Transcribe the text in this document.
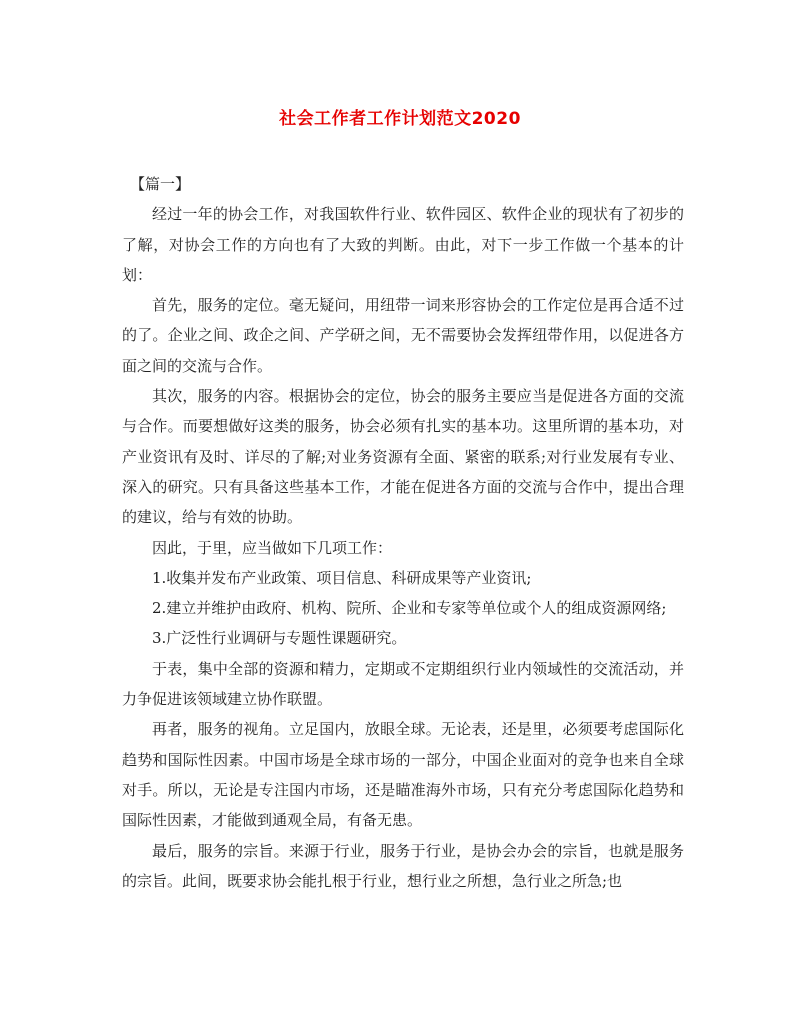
社会工作者工作计划范文2020

【篇一】

经过一年的协会工作，对我国软件行业、软件园区、软件企业的现状有了初步的了解，对协会工作的方向也有了大致的判断。由此，对下一步工作做一个基本的计划：

首先，服务的定位。毫无疑问，用纽带一词来形容协会的工作定位是再合适不过的了。企业之间、政企之间、产学研之间，无不需要协会发挥纽带作用，以促进各方面之间的交流与合作。

其次，服务的内容。根据协会的定位，协会的服务主要应当是促进各方面的交流与合作。而要想做好这类的服务，协会必须有扎实的基本功。这里所谓的基本功，对产业资讯有及时、详尽的了解;对业务资源有全面、紧密的联系;对行业发展有专业、深入的研究。只有具备这些基本工作，才能在促进各方面的交流与合作中，提出合理的建议，给与有效的协助。

因此，于里，应当做如下几项工作：

1.收集并发布产业政策、项目信息、科研成果等产业资讯;

2.建立并维护由政府、机构、院所、企业和专家等单位或个人的组成资源网络;

3.广泛性行业调研与专题性课题研究。

于表，集中全部的资源和精力，定期或不定期组织行业内领域性的交流活动，并力争促进该领域建立协作联盟。

再者，服务的视角。立足国内，放眼全球。无论表，还是里，必须要考虑国际化趋势和国际性因素。中国市场是全球市场的一部分，中国企业面对的竞争也来自全球对手。所以，无论是专注国内市场，还是瞄准海外市场，只有充分考虑国际化趋势和国际性因素，才能做到通观全局，有备无患。

最后，服务的宗旨。来源于行业，服务于行业，是协会办会的宗旨，也就是服务的宗旨。此间，既要求协会能扎根于行业，想行业之所想，急行业之所急;也
